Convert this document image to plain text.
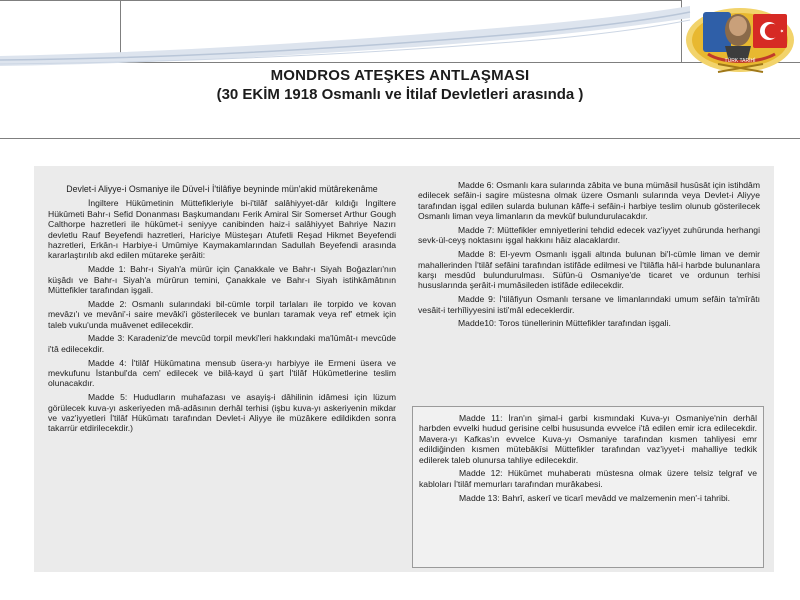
TÜRK TARİHİ
MONDROS ATEŞKES ANTLAŞMASI
(30 EKİM 1918 Osmanlı ve İtilaf Devletleri arasında )

Devlet-i Aliyye-i Osmaniye ile Düvel-i İ'tilâfiye beyninde mün'akid mütârekenâme

İngiltere Hükûmetinin Müttefikleriyle bi-i'tilâf salâhiyyet-dâr kıldığı İngiltere Hükûmeti Bahr-ı Sefid Donanması Başkumandanı Ferik Amiral Sir Somerset Arthur Gough Calthorpe hazretleri ile hükûmet-i seniyye canibinden haiz-i salâhiyyet Bahriye Nazırı devletlu Rauf Beyefendi hazretleri, Hariciye Müsteşarı Atufetli Reşad Hikmet Beyefendi hazretleri, Erkân-ı Harbiye-i Umûmiye Kaymakamlarından Sadullah Beyefendi arasında kararlaştırılıb akd edilen mütareke şerâiti:

Madde 1: Bahr-ı Siyah'a mürûr için Çanakkale ve Bahr-ı Siyah Boğazları'nın küşâdı ve Bahr-ı Siyah'a mürûrun temini, Çanakkale ve Bahr-ı Siyah istihkâmâtının Müttefikler tarafından işgali.

Madde 2: Osmanlı sularındaki bil-cümle torpil tarlaları ile torpido ve kovan mevâzı'ı ve mevâni'-i saire mevâki'i gösterilecek ve bunları taramak veya ref' etmek için taleb vuku'unda muâvenet edilecekdir.

Madde 3: Karadeniz'de mevcûd torpil mevki'leri hakkındaki ma'lûmât-ı mevcûde i'tâ edilecekdir.

Madde 4: İ'tilâf Hükûmatına mensub üsera-yı harbiyye ile Ermeni üsera ve mevkufunu İstanbul'da cem' edilecek ve bilâ-kayd ü şart İ'tilâf Hükûmetlerine teslim olunacakdır.

Madde 5: Hududların muhafazası ve asayiş-i dâhilinin idâmesi için lüzum görülecek kuva-yı askeriyeden mâ-adâsının derhâl terhisi (işbu kuva-yı askeriyenin mikdar ve vaz'iyyetleri İ'tilâf Hükûmatı tarafından Devlet-i Aliyye ile müzâkere edildikden sonra takarrür etdirilecekdir.)

Madde 6: Osmanlı kara sularında zâbita ve buna mümâsil husûsât için istihdâm edilecek sefâin-i sagire müstesna olmak üzere Osmanlı sularında veya Devlet-i Aliyye tarafından işgal edilen sularda bulunan kâffe-i sefâin-i harbiye teslim olunub gösterilecek Osmanlı liman veya limanların da mevkûf bulundurulacakdır.

Madde 7: Müttefikler emniyetlerini tehdid edecek vaz'iyyet zuhûrunda herhangi sevk-ül-ceyş noktasını işgal hakkını hâiz alacaklardır.

Madde 8: El-yevm Osmanlı işgali altında bulunan bi'l-cümle liman ve demir mahallerinden İ'tilâf sefâini tarafından istifâde edilmesi ve İ'tilâfla hâl-i harbde bulunanlara karşı mesdûd bulundurulması. Süfün-ü Osmaniye'de ticaret ve ordunun terhisi hususlarında şerâit-i mumâsileden istifâde edilecekdir.

Madde 9: İ'tilâfiyun Osmanlı tersane ve limanlarındaki umum sefâin ta'mîrâtı vesâit-i terhîliyyesini isti'mâl edeceklerdir.

Madde10: Toros tünellerinin Müttefikler tarafından işgali.

Madde 11: İran'ın şimal-i garbi kısmındaki Kuva-yı Osmaniye'nin derhâl harbden evvelki hudud gerisine celbi hususunda evvelce i'tâ edilen emir icra edilecekdir. Mavera-yı Kafkas'ın evvelce Kuva-yı Osmaniye tarafından kısmen tahliyesi emr edildiğinden kısmen mütebâkîsi Müttefikler tarafından vaz'iyyet-i mahalliye tedkik edilerek taleb olunursa tahliye edilecekdir.

Madde 12: Hükûmet muhaberatı müstesna olmak üzere telsiz telgraf ve kabloları İ'tilâf memurları tarafından murâkabesi.

Madde 13: Bahrî, askerî ve ticarî mevâdd ve malzemenin men'-i tahribi.
